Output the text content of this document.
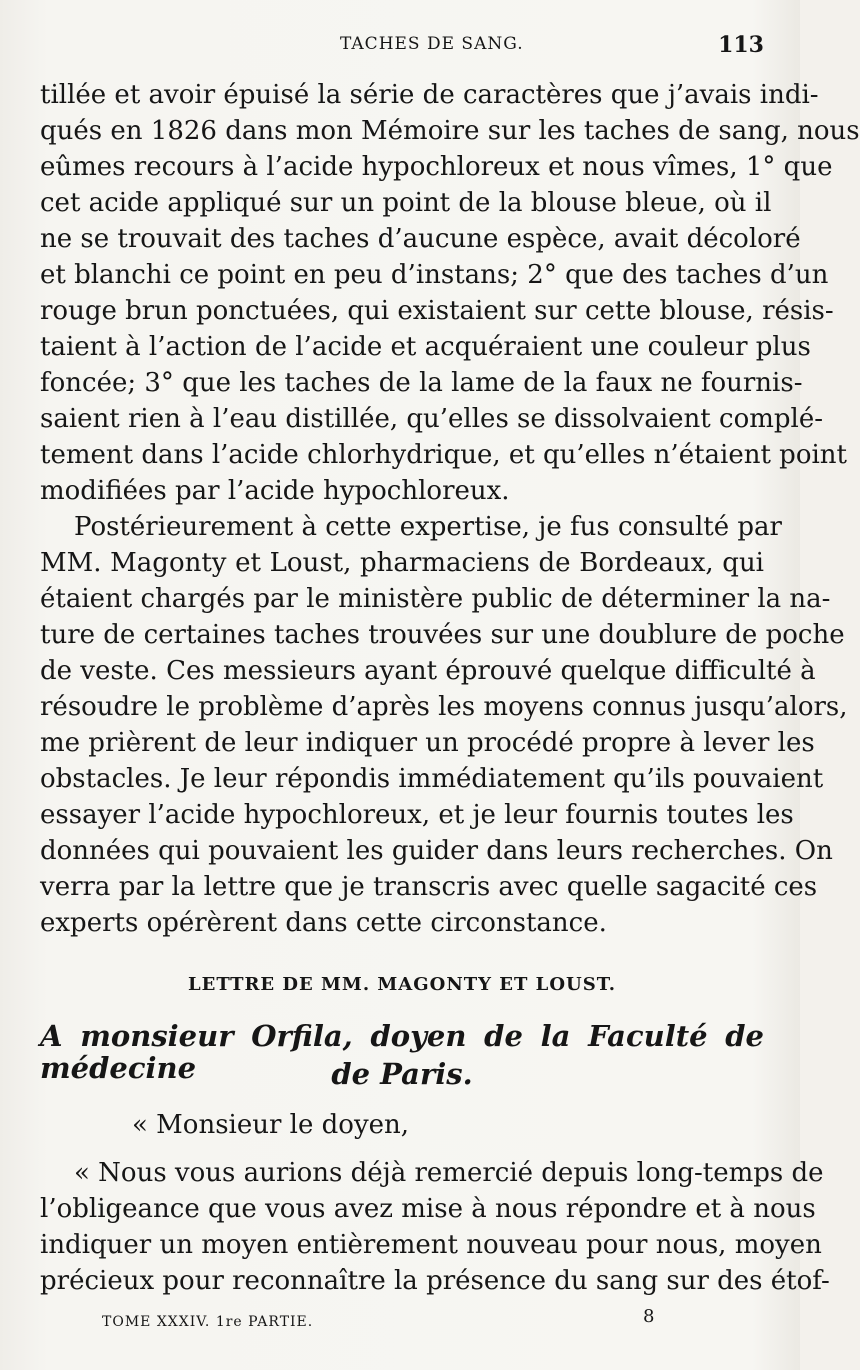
TACHES DE SANG.	113
tillée et avoir épuisé la série de caractères que j’avais indi-
qués en 1826 dans mon Mémoire sur les taches de sang, nous
eûmes recours à l’acide hypochloreux et nous vîmes, 1° que
cet acide appliqué sur un point de la blouse bleue, où il
ne se trouvait des taches d’aucune espèce, avait décoloré
et blanchi ce point en peu d’instans; 2° que des taches d’un
rouge brun ponctuées, qui existaient sur cette blouse, résis-
taient à l’action de l’acide et acquéraient une couleur plus
foncée; 3° que les taches de la lame de la faux ne fournis-
saient rien à l’eau distillée, qu’elles se dissolvaient complé-
tement dans l’acide chlorhydrique, et qu’elles n’étaient point
modifiées par l’acide hypochloreux.
Postérieurement à cette expertise, je fus consulté par
MM. Magonty et Loust, pharmaciens de Bordeaux, qui
étaient chargés par le ministère public de déterminer la na-
ture de certaines taches trouvées sur une doublure de poche
de veste. Ces messieurs ayant éprouvé quelque difficulté à
résoudre le problème d’après les moyens connus jusqu’alors,
me prièrent de leur indiquer un procédé propre à lever les
obstacles. Je leur répondis immédiatement qu’ils pouvaient
essayer l’acide hypochloreux, et je leur fournis toutes les
données qui pouvaient les guider dans leurs recherches. On
verra par la lettre que je transcris avec quelle sagacité ces
experts opérèrent dans cette circonstance.
LETTRE DE MM. MAGONTY ET LOUST.
A monsieur Orfila, doyen de la Faculté de médecine	de Paris.
« Monsieur le doyen,
« Nous vous aurions déjà remercié depuis long-temps de
l’obligeance que vous avez mise à nous répondre et à nous
indiquer un moyen entièrement nouveau pour nous, moyen
précieux pour reconnaître la présence du sang sur des étof-
TOME XXXIV. 1re PARTIE.	8
